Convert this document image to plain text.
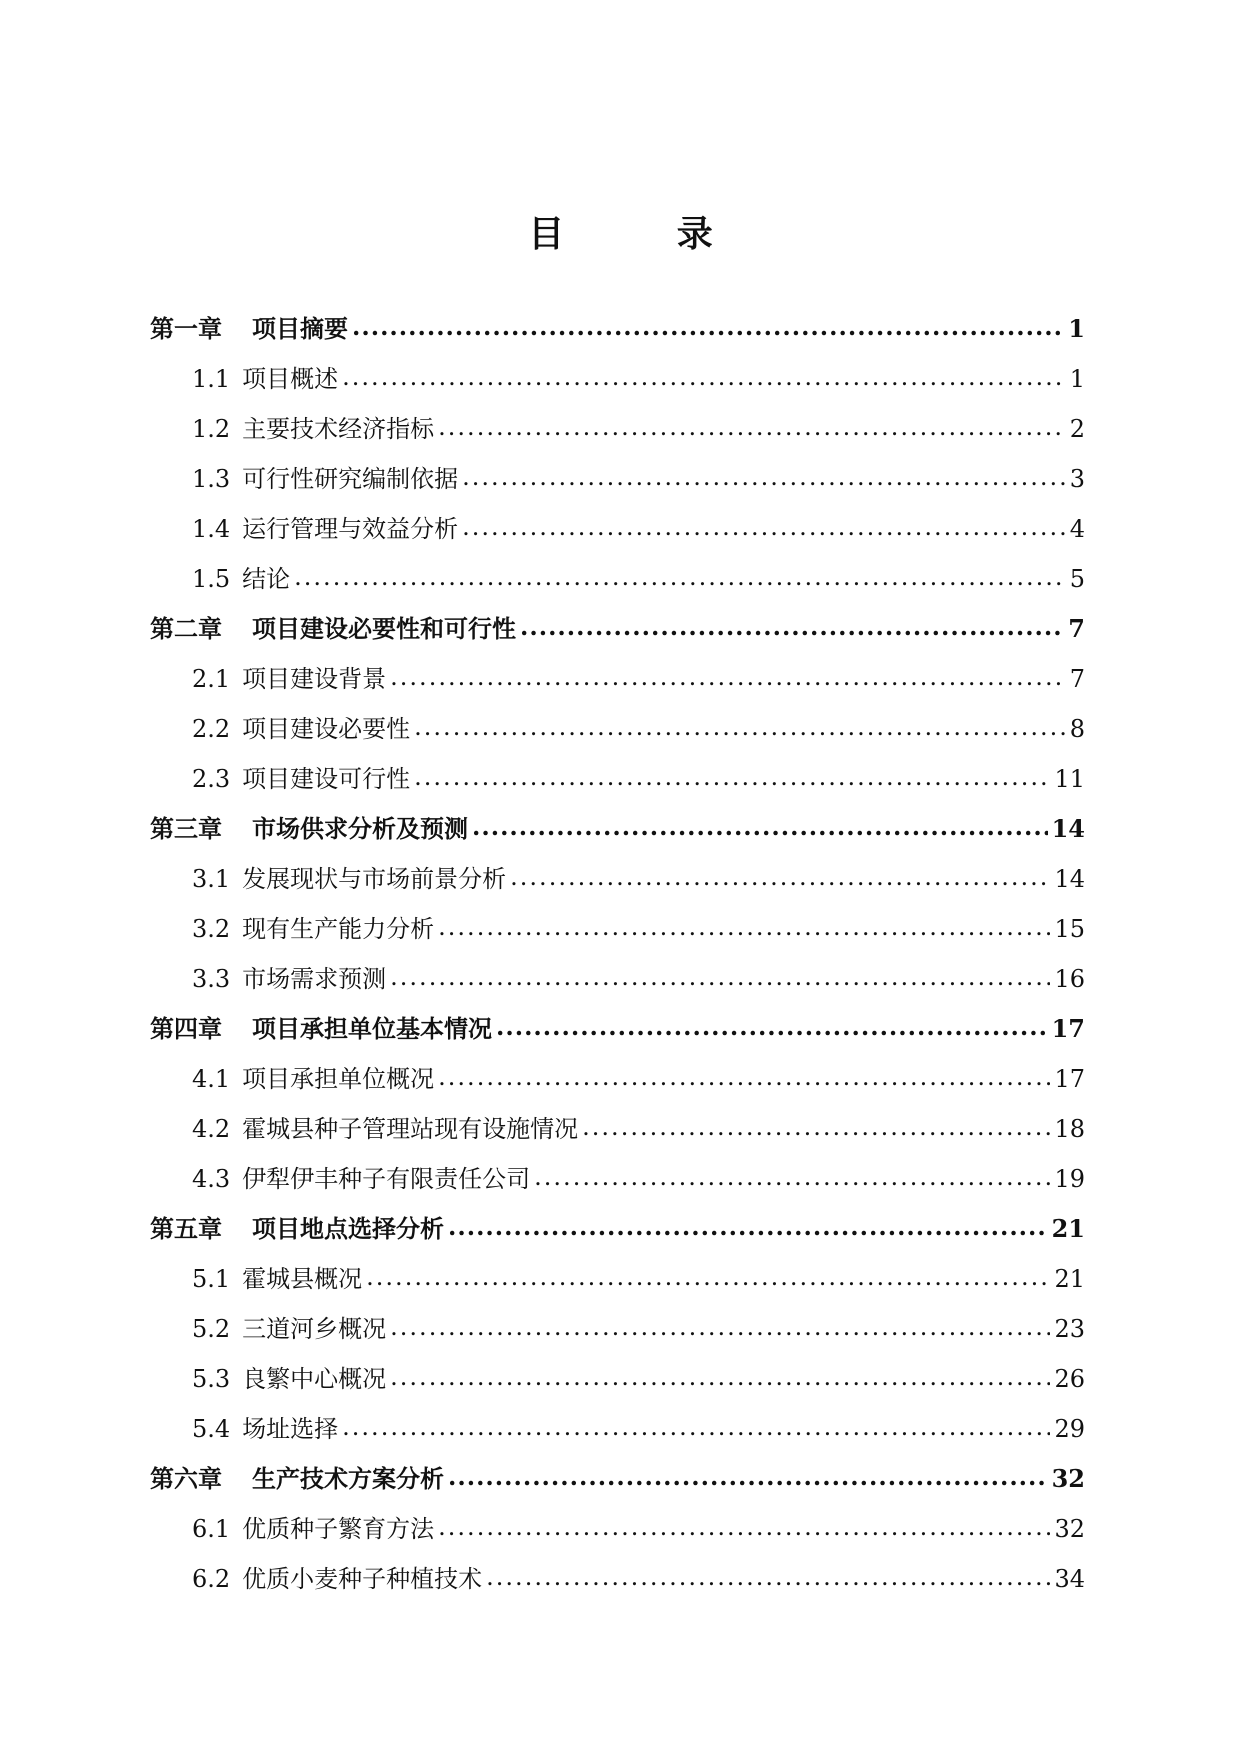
目 录
第一章 项目摘要 .....	1
1.1 项目概述 .....	1
1.2 主要技术经济指标 .....	2
1.3 可行性研究编制依据 .....	3
1.4 运行管理与效益分析 .....	4
1.5 结论 .....	5
第二章 项目建设必要性和可行性 .....	7
2.1 项目建设背景 .....	7
2.2 项目建设必要性 .....	8
2.3 项目建设可行性 .....	11
第三章 市场供求分析及预测 .....	14
3.1 发展现状与市场前景分析 .....	14
3.2 现有生产能力分析 .....	15
3.3 市场需求预测 .....	16
第四章 项目承担单位基本情况 .....	17
4.1 项目承担单位概况 .....	17
4.2 霍城县种子管理站现有设施情况 .....	18
4.3 伊犁伊丰种子有限责任公司 .....	19
第五章 项目地点选择分析 .....	21
5.1 霍城县概况 .....	21
5.2 三道河乡概况 .....	23
5.3 良繁中心概况 .....	26
5.4 场址选择 .....	29
第六章 生产技术方案分析 .....	32
6.1 优质种子繁育方法 .....	32
6.2 优质小麦种子种植技术 .....	34
